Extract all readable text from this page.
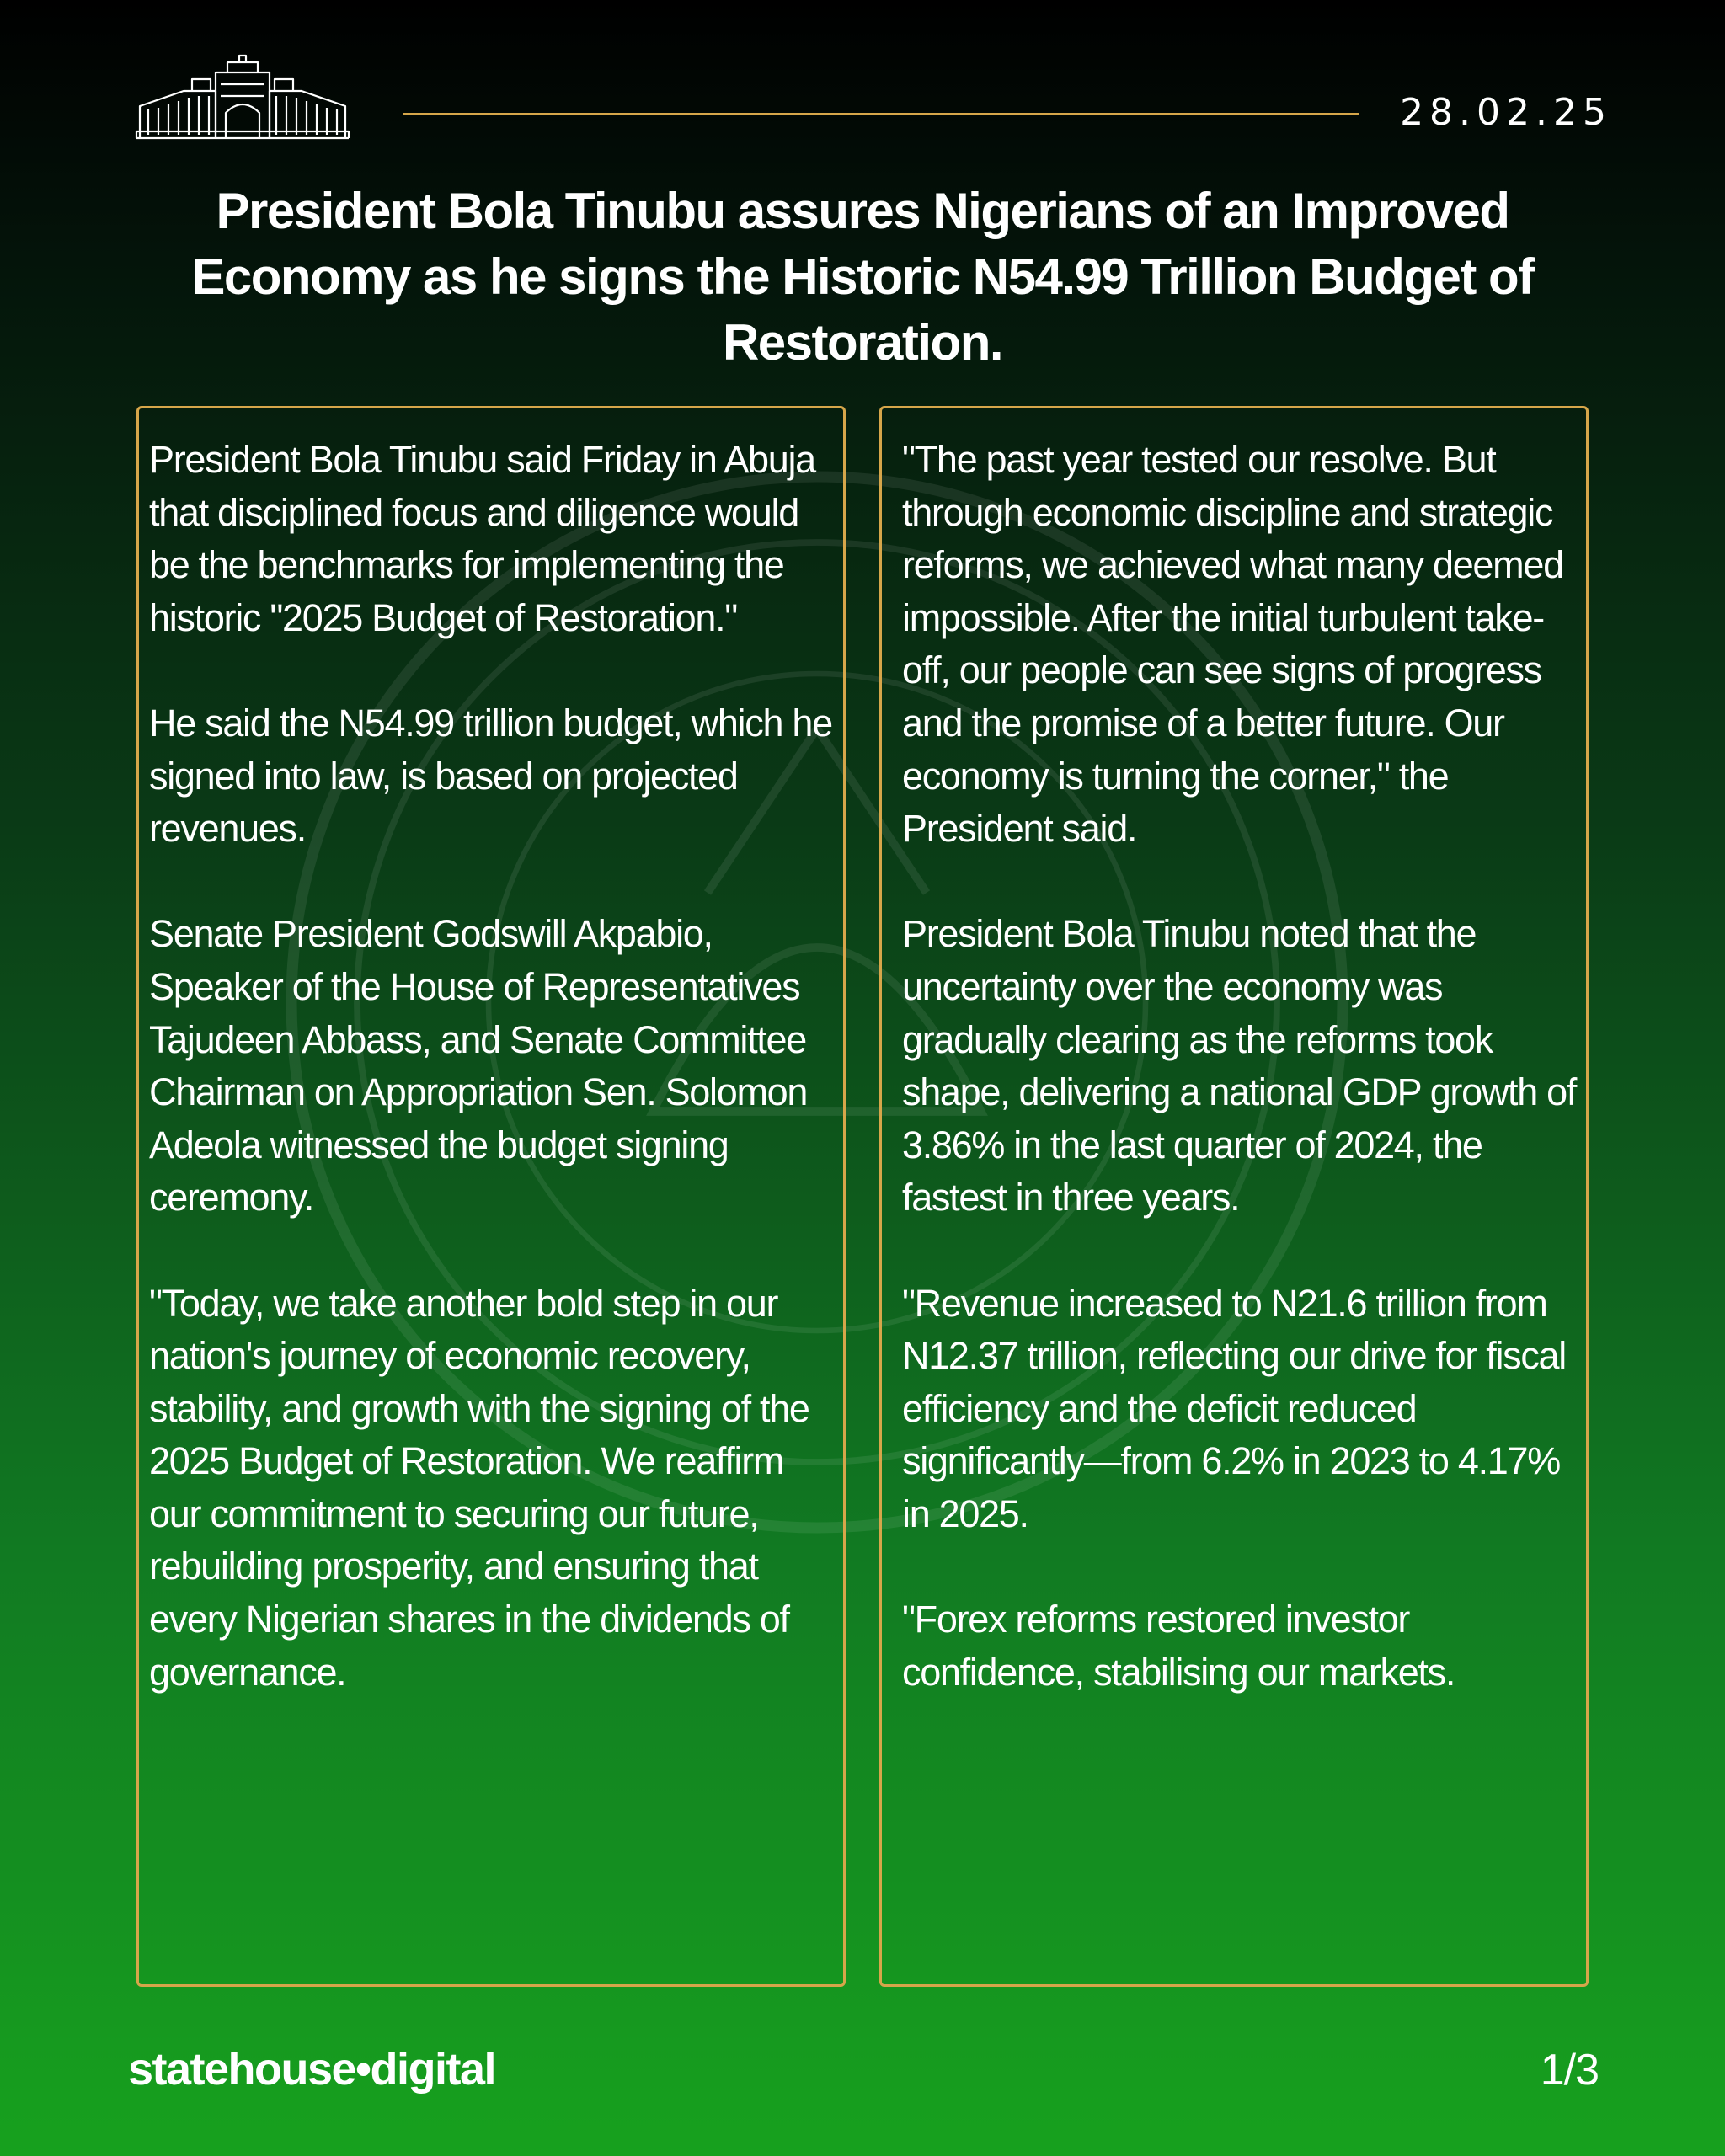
28.02.25
President Bola Tinubu assures Nigerians of an Improved Economy as he signs the Historic N54.99 Trillion Budget of Restoration.

President Bola Tinubu said Friday in Abuja that disciplined focus and diligence would be the benchmarks for implementing the historic "2025 Budget of Restoration."

He said the N54.99 trillion budget, which he signed into law, is based on projected revenues.

Senate President Godswill Akpabio, Speaker of the House of Representatives Tajudeen Abbass, and Senate Committee Chairman on Appropriation Sen. Solomon Adeola witnessed the budget signing ceremony.

"Today, we take another bold step in our nation's journey of economic recovery, stability, and growth with the signing of the 2025 Budget of Restoration. We reaffirm our commitment to securing our future, rebuilding prosperity, and ensuring that every Nigerian shares in the dividends of governance.

"The past year tested our resolve. But through economic discipline and strategic reforms, we achieved what many deemed impossible. After the initial turbulent take-off, our people can see signs of progress and the promise of a better future. Our economy is turning the corner," the President said.

President Bola Tinubu noted that the uncertainty over the economy was gradually clearing as the reforms took shape, delivering a national GDP growth of 3.86% in the last quarter of 2024, the fastest in three years.

"Revenue increased to N21.6 trillion from N12.37 trillion, reflecting our drive for fiscal efficiency and the deficit reduced significantly—from 6.2% in 2023 to 4.17% in 2025.

"Forex reforms restored investor confidence, stabilising our markets.

statehouse•digital	1/3
